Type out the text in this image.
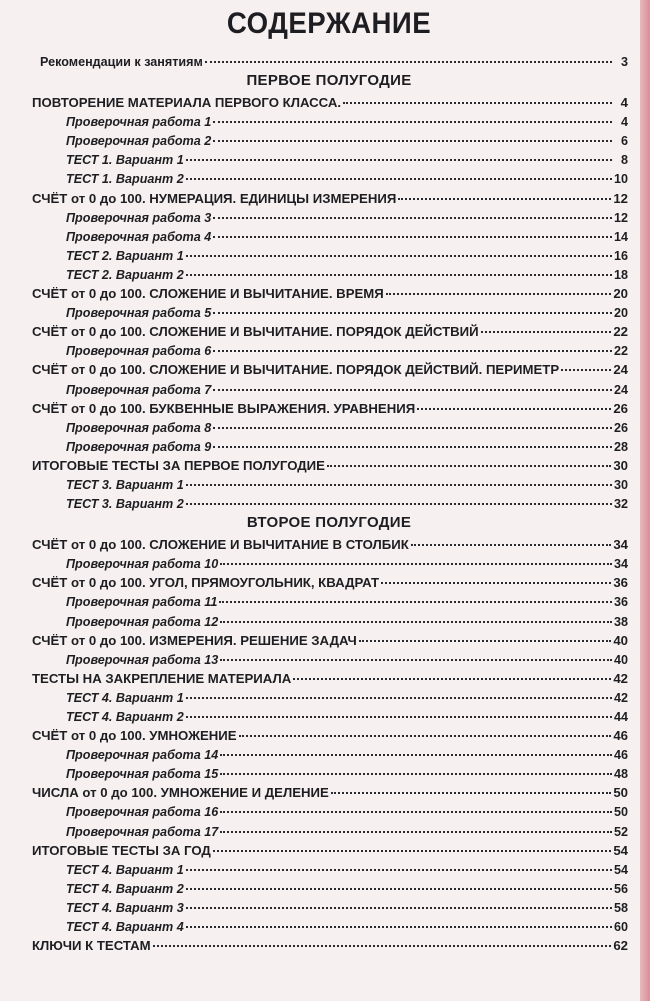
СОДЕРЖАНИЕ
Рекомендации к занятиям	3
ПЕРВОЕ ПОЛУГОДИЕ
ПОВТОРЕНИЕ МАТЕРИАЛА ПЕРВОГО КЛАССА.	4
Проверочная работа 1	4
Проверочная работа 2	6
ТЕСТ 1. Вариант 1	8
ТЕСТ 1. Вариант 2	10
СЧЁТ от 0 до 100. НУМЕРАЦИЯ. ЕДИНИЦЫ ИЗМЕРЕНИЯ	12
Проверочная работа 3	12
Проверочная работа 4	14
ТЕСТ 2. Вариант 1	16
ТЕСТ 2. Вариант 2	18
СЧЁТ от 0 до 100. СЛОЖЕНИЕ И ВЫЧИТАНИЕ. ВРЕМЯ	20
Проверочная работа 5	20
СЧЁТ от 0 до 100. СЛОЖЕНИЕ И ВЫЧИТАНИЕ. ПОРЯДОК ДЕЙСТВИЙ	22
Проверочная работа 6	22
СЧЁТ от 0 до 100. СЛОЖЕНИЕ И ВЫЧИТАНИЕ. ПОРЯДОК ДЕЙСТВИЙ. ПЕРИМЕТР	24
Проверочная работа 7	24
СЧЁТ от 0 до 100. БУКВЕННЫЕ ВЫРАЖЕНИЯ. УРАВНЕНИЯ	26
Проверочная работа 8	26
Проверочная работа 9	28
ИТОГОВЫЕ ТЕСТЫ ЗА ПЕРВОЕ ПОЛУГОДИЕ	30
ТЕСТ 3. Вариант 1	30
ТЕСТ 3. Вариант 2	32
ВТОРОЕ ПОЛУГОДИЕ
СЧЁТ от 0 до 100. СЛОЖЕНИЕ И ВЫЧИТАНИЕ В СТОЛБИК	34
Проверочная работа 10	34
СЧЁТ от 0 до 100. УГОЛ, ПРЯМОУГОЛЬНИК, КВАДРАТ	36
Проверочная работа 11	36
Проверочная работа 12	38
СЧЁТ от 0 до 100. ИЗМЕРЕНИЯ. РЕШЕНИЕ ЗАДАЧ	40
Проверочная работа 13	40
ТЕСТЫ НА ЗАКРЕПЛЕНИЕ МАТЕРИАЛА	42
ТЕСТ 4. Вариант 1	42
ТЕСТ 4. Вариант 2	44
СЧЁТ от 0 до 100. УМНОЖЕНИЕ	46
Проверочная работа 14	46
Проверочная работа 15	48
ЧИСЛА от 0 до 100. УМНОЖЕНИЕ И ДЕЛЕНИЕ	50
Проверочная работа 16	50
Проверочная работа 17	52
ИТОГОВЫЕ ТЕСТЫ ЗА ГОД	54
ТЕСТ 4. Вариант 1	54
ТЕСТ 4. Вариант 2	56
ТЕСТ 4. Вариант 3	58
ТЕСТ 4. Вариант 4	60
КЛЮЧИ К ТЕСТАМ	62
